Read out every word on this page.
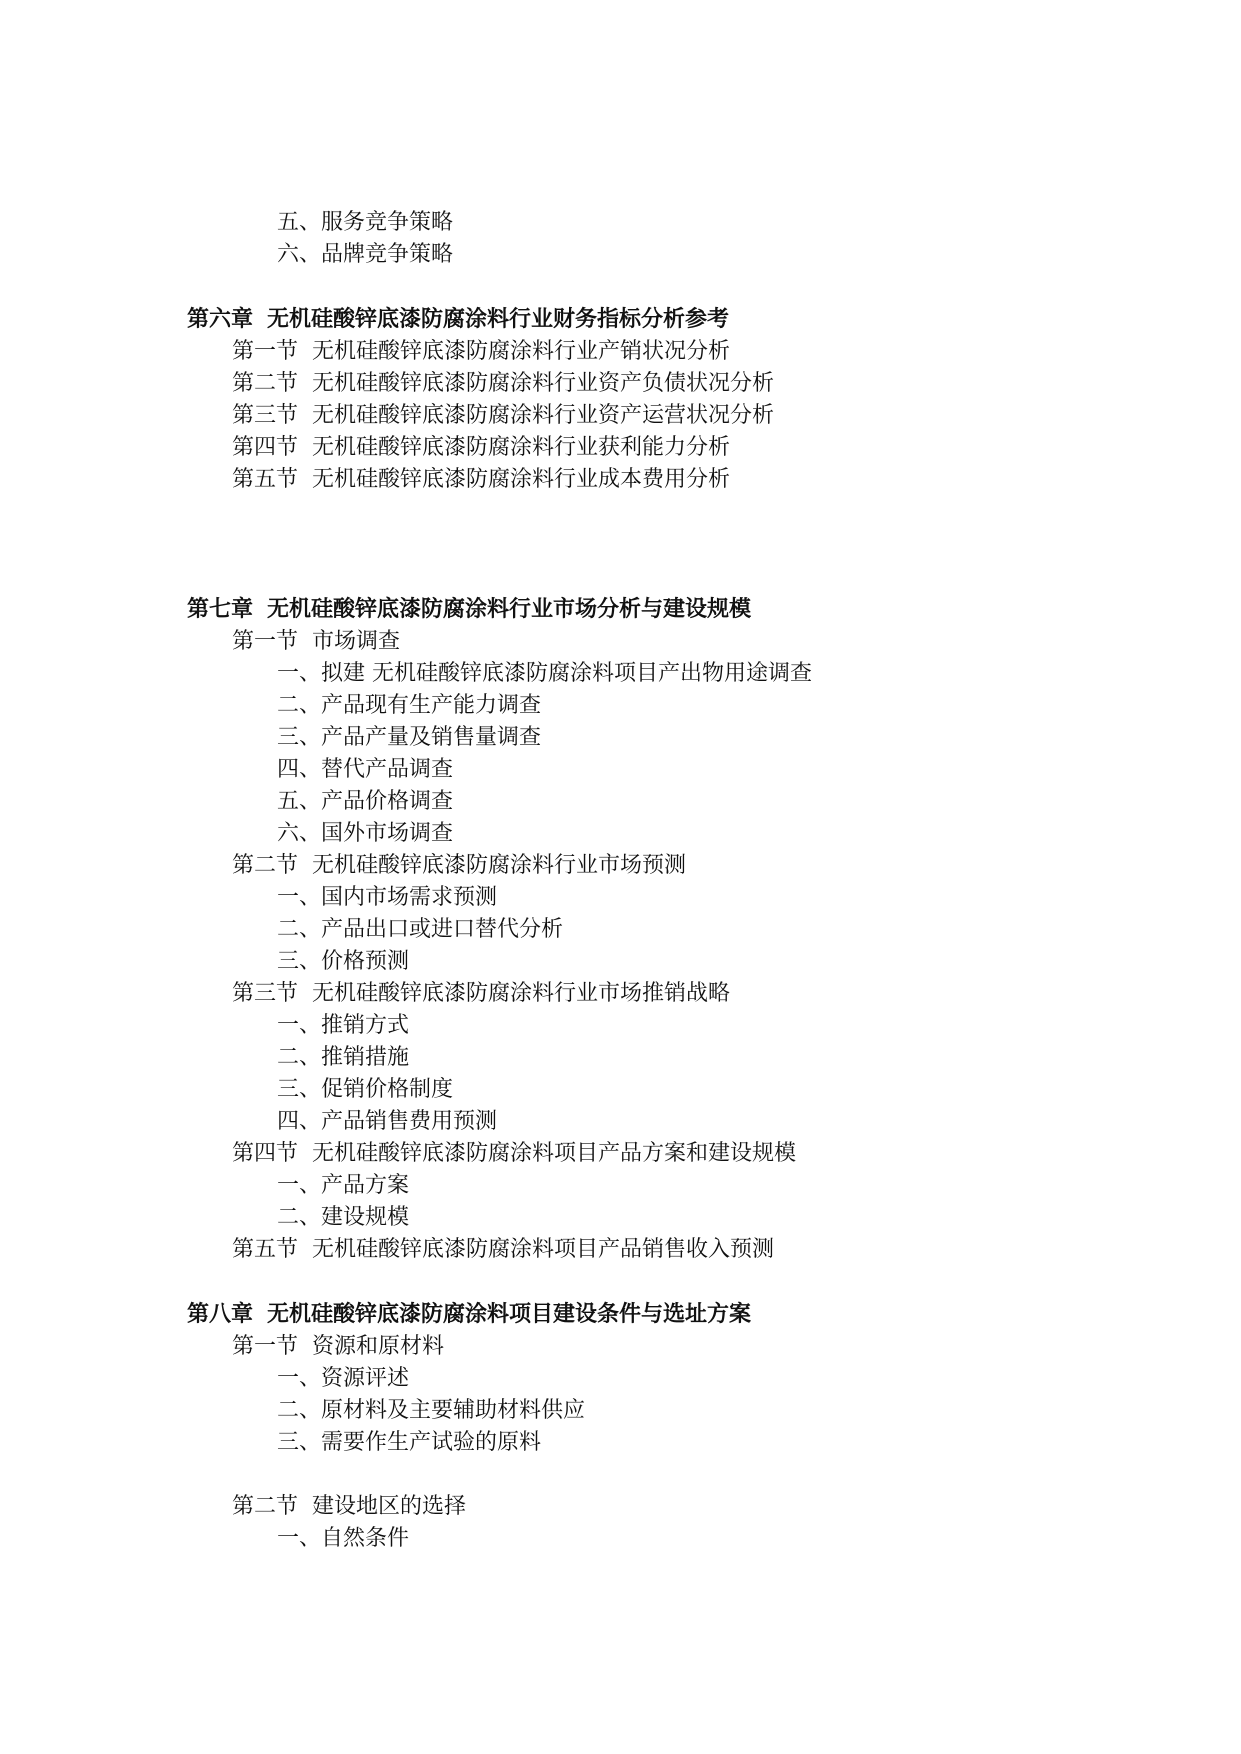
五、服务竞争策略
六、品牌竞争策略
第六章 无机硅酸锌底漆防腐涂料行业财务指标分析参考
第一节 无机硅酸锌底漆防腐涂料行业产销状况分析
第二节 无机硅酸锌底漆防腐涂料行业资产负债状况分析
第三节 无机硅酸锌底漆防腐涂料行业资产运营状况分析
第四节 无机硅酸锌底漆防腐涂料行业获利能力分析
第五节 无机硅酸锌底漆防腐涂料行业成本费用分析
第七章 无机硅酸锌底漆防腐涂料行业市场分析与建设规模
第一节 市场调查
一、拟建 无机硅酸锌底漆防腐涂料项目产出物用途调查
二、产品现有生产能力调查
三、产品产量及销售量调查
四、替代产品调查
五、产品价格调查
六、国外市场调查
第二节 无机硅酸锌底漆防腐涂料行业市场预测
一、国内市场需求预测
二、产品出口或进口替代分析
三、价格预测
第三节 无机硅酸锌底漆防腐涂料行业市场推销战略
一、推销方式
二、推销措施
三、促销价格制度
四、产品销售费用预测
第四节 无机硅酸锌底漆防腐涂料项目产品方案和建设规模
一、产品方案
二、建设规模
第五节 无机硅酸锌底漆防腐涂料项目产品销售收入预测
第八章 无机硅酸锌底漆防腐涂料项目建设条件与选址方案
第一节 资源和原材料
一、资源评述
二、原材料及主要辅助材料供应
三、需要作生产试验的原料
第二节 建设地区的选择
一、自然条件
